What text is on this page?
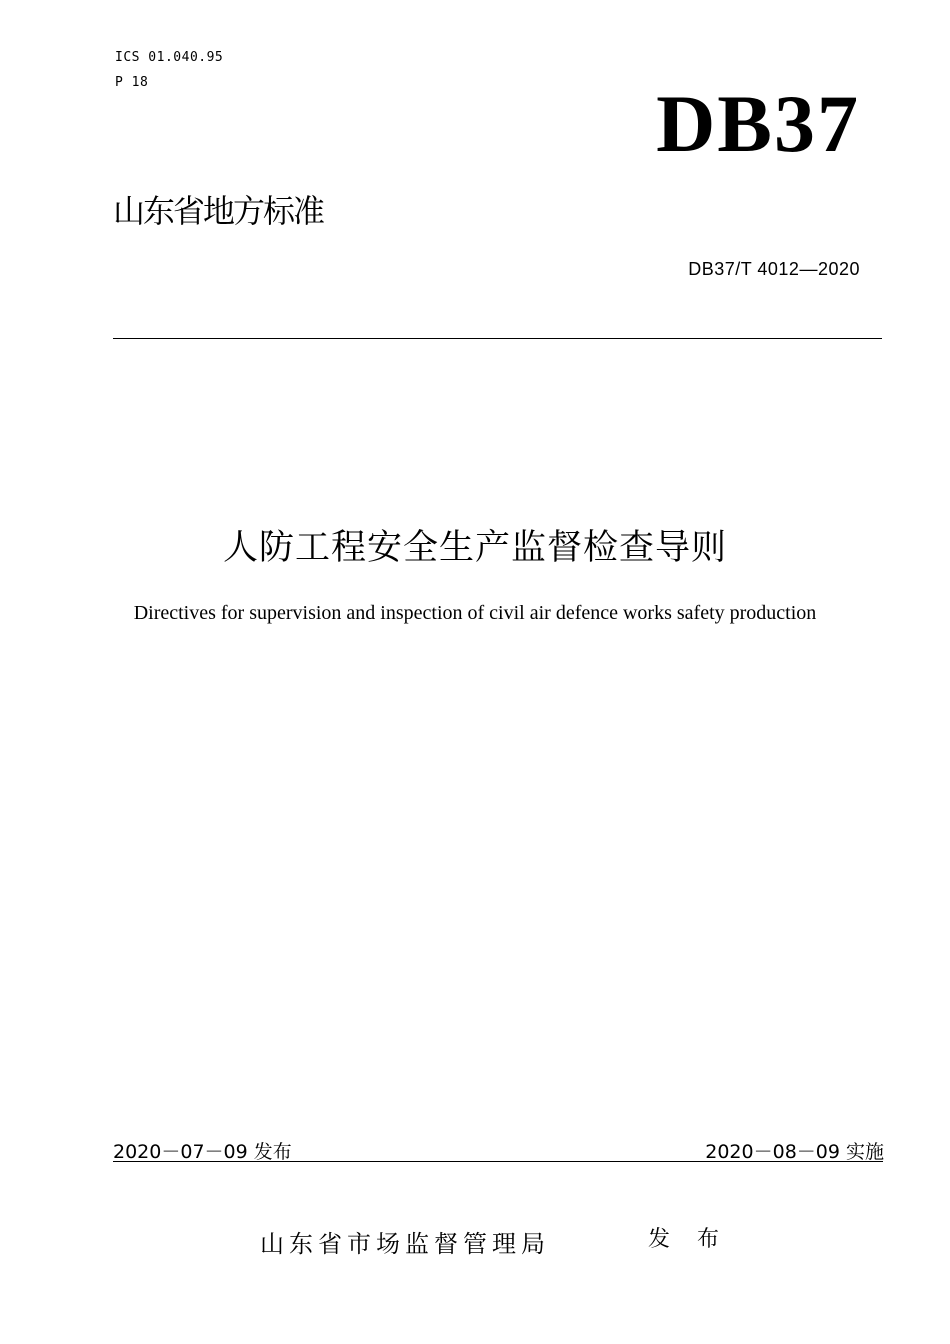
ICS 01.040.95
P 18	DB37
山东省地方标准
DB37/T 4012—2020
人防工程安全生产监督检查导则
Directives for supervision and inspection of civil air defence works safety production
2020－07－09 发布	2020－08－09 实施
山东省市场监督管理局	发 布
